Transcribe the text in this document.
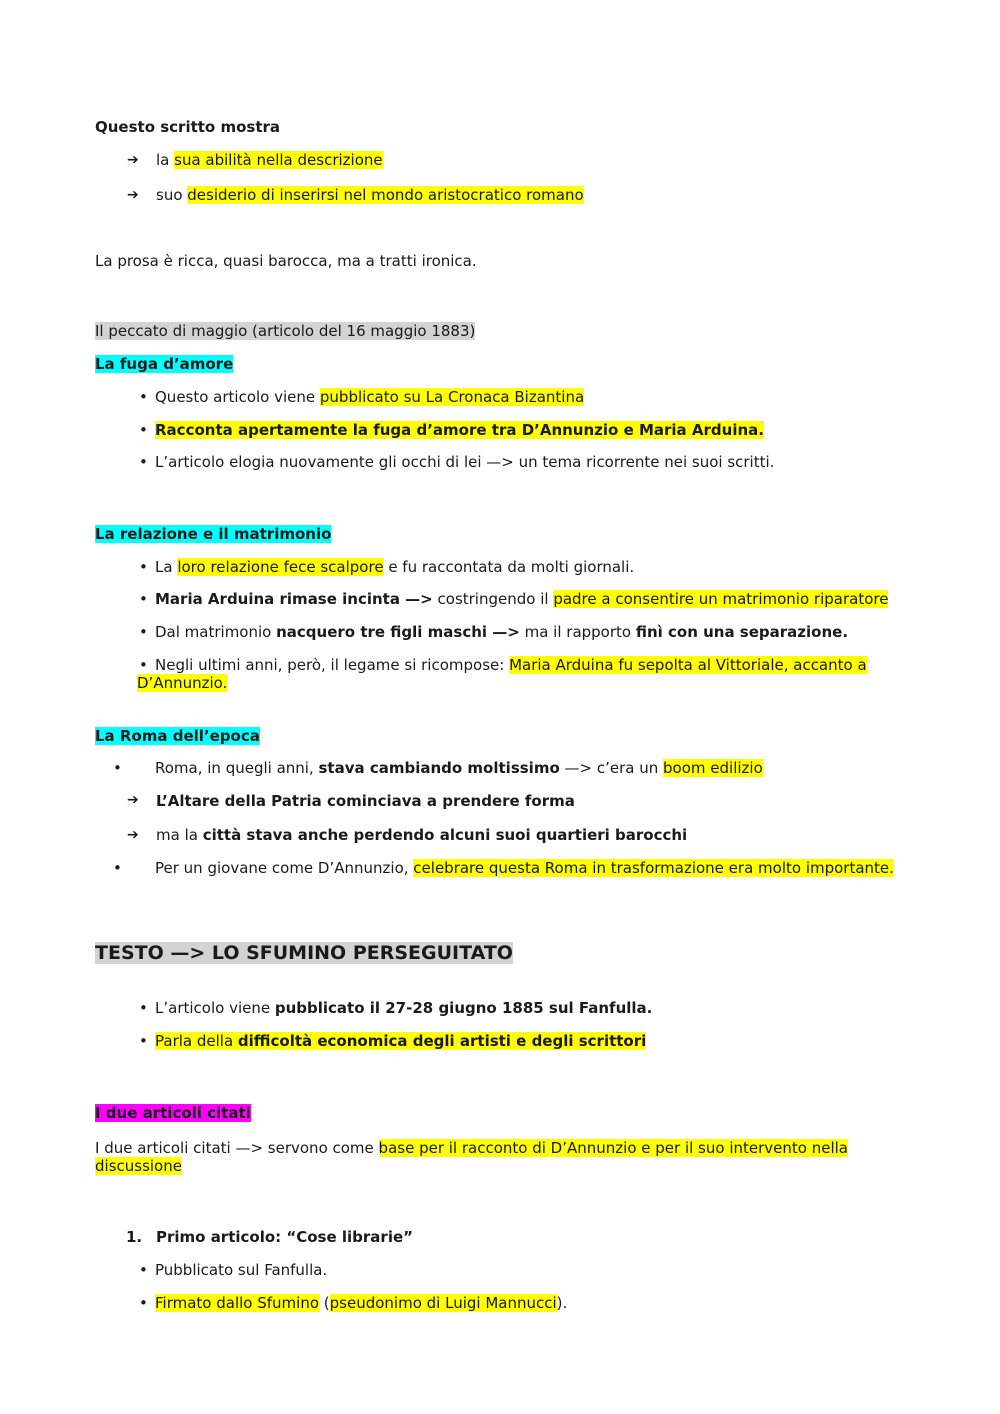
Questo scritto mostra
➔ la sua abilità nella descrizione
➔ suo desiderio di inserirsi nel mondo aristocratico romano
La prosa è ricca, quasi barocca, ma a tratti ironica.
Il peccato di maggio (articolo del 16 maggio 1883)
La fuga d’amore
• Questo articolo viene pubblicato su La Cronaca Bizantina
• Racconta apertamente la fuga d’amore tra D’Annunzio e Maria Arduina.
• L’articolo elogia nuovamente gli occhi di lei —> un tema ricorrente nei suoi scritti.
La relazione e il matrimonio
• La loro relazione fece scalpore e fu raccontata da molti giornali.
• Maria Arduina rimase incinta —> costringendo il padre a consentire un matrimonio riparatore
• Dal matrimonio nacquero tre figli maschi —> ma il rapporto finì con una separazione.
• Negli ultimi anni, però, il legame si ricompose: Maria Arduina fu sepolta al Vittoriale, accanto a
D’Annunzio.
La Roma dell’epoca
• Roma, in quegli anni, stava cambiando moltissimo —> c’era un boom edilizio
➔ L’Altare della Patria cominciava a prendere forma
➔ ma la città stava anche perdendo alcuni suoi quartieri barocchi
• Per un giovane come D’Annunzio, celebrare questa Roma in trasformazione era molto importante.
TESTO —> LO SFUMINO PERSEGUITATO
• L’articolo viene pubblicato il 27-28 giugno 1885 sul Fanfulla.
• Parla della difficoltà economica degli artisti e degli scrittori
I due articoli citati
I due articoli citati —> servono come base per il racconto di D’Annunzio e per il suo intervento nella
discussione
1. Primo articolo: “Cose librarie”
• Pubblicato sul Fanfulla.
• Firmato dallo Sfumino (pseudonimo di Luigi Mannucci).
